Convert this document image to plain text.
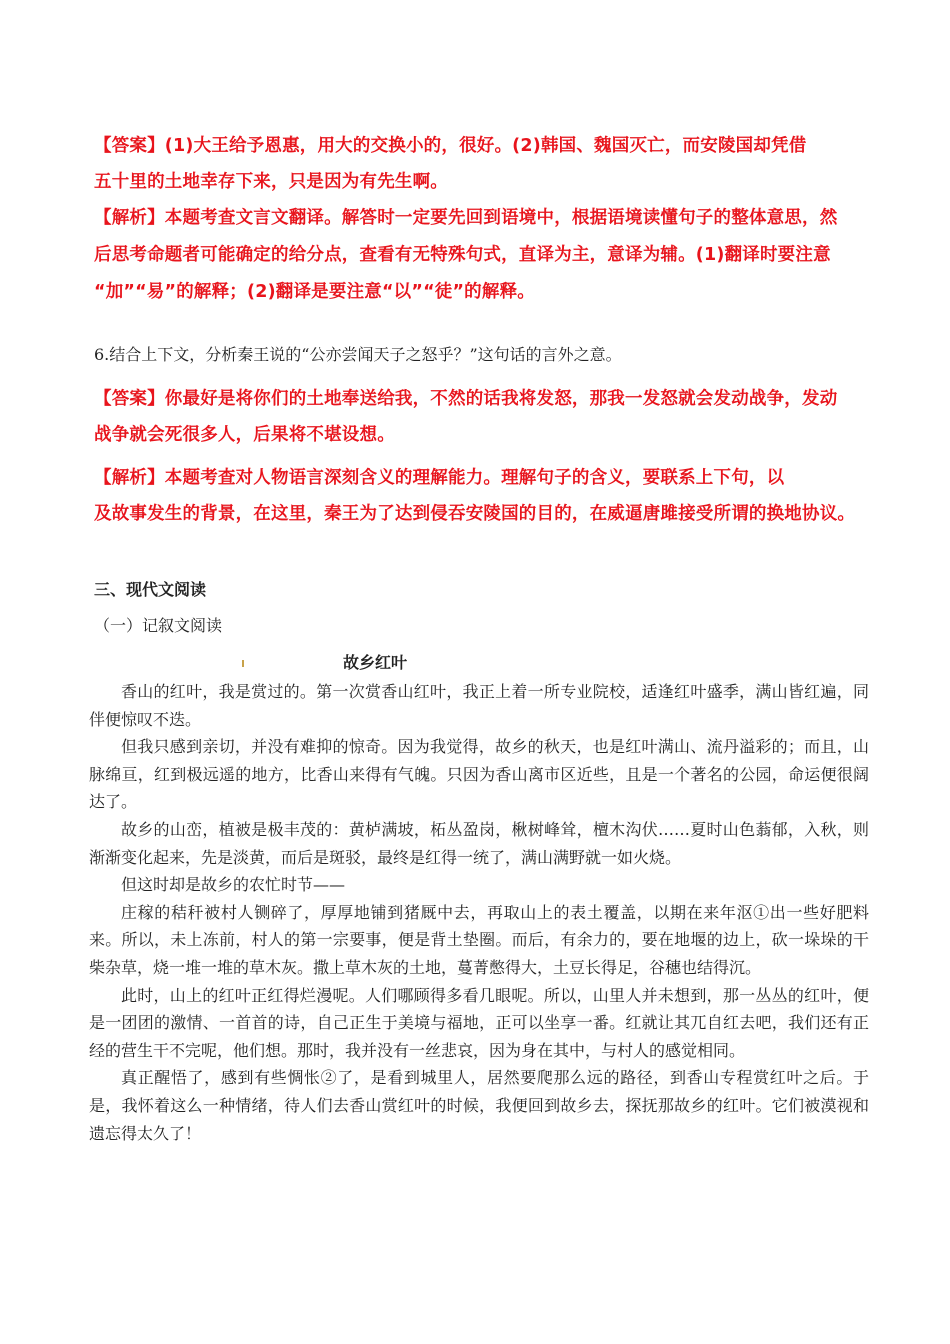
【答案】(1)大王给予恩惠，用大的交换小的，很好。(2)韩国、魏国灭亡，而安陵国却凭借
五十里的土地幸存下来，只是因为有先生啊。
【解析】本题考查文言文翻译。解答时一定要先回到语境中，根据语境读懂句子的整体意思，然
后思考命题者可能确定的给分点，查看有无特殊句式，直译为主，意译为辅。(1)翻译时要注意
“加”“易”的解释；(2)翻译是要注意“以”“徒”的解释。
6.结合上下文，分析秦王说的“公亦尝闻天子之怒乎？”这句话的言外之意。
【答案】你最好是将你们的土地奉送给我，不然的话我将发怒，那我一发怒就会发动战争，发动
战争就会死很多人，后果将不堪设想。
【解析】本题考查对人物语言深刻含义的理解能力。理解句子的含义，要联系上下句，以
及故事发生的背景，在这里，秦王为了达到侵吞安陵国的目的，在威逼唐雎接受所谓的换地协议。
三、现代文阅读
（一）记叙文阅读
故乡红叶

香山的红叶，我是赏过的。第一次赏香山红叶，我正上着一所专业院校，适逢红叶盛季，满山皆红遍，同伴便惊叹不迭。

但我只感到亲切，并没有难抑的惊奇。因为我觉得，故乡的秋天，也是红叶满山、流丹溢彩的；而且，山脉绵亘，红到极远遥的地方，比香山来得有气魄。只因为香山离市区近些，且是一个著名的公园，命运便很阔达了。

故乡的山峦，植被是极丰茂的：黄栌满坡，柘丛盈岗，楸树峰耸，檀木沟伏……夏时山色蓊郁，入秋，则渐渐变化起来，先是淡黄，而后是斑驳，最终是红得一统了，满山满野就一如火烧。

但这时却是故乡的农忙时节——

庄稼的秸秆被村人铡碎了，厚厚地铺到猪厩中去，再取山上的表土覆盖，以期在来年沤①出一些好肥料来。所以，未上冻前，村人的第一宗要事，便是背土垫圈。而后，有余力的，要在地堰的边上，砍一垛垛的干柴杂草，烧一堆一堆的草木灰。撒上草木灰的土地，蔓菁憋得大，土豆长得足，谷穗也结得沉。

此时，山上的红叶正红得烂漫呢。人们哪顾得多看几眼呢。所以，山里人并未想到，那一丛丛的红叶，便是一团团的激情、一首首的诗，自己正生于美境与福地，正可以坐享一番。红就让其兀自红去吧，我们还有正经的营生干不完呢，他们想。那时，我并没有一丝悲哀，因为身在其中，与村人的感觉相同。

真正醒悟了，感到有些惆怅②了，是看到城里人，居然要爬那么远的路径，到香山专程赏红叶之后。于是，我怀着这么一种情绪，待人们去香山赏红叶的时候，我便回到故乡去，探抚那故乡的红叶。它们被漠视和遗忘得太久了！
